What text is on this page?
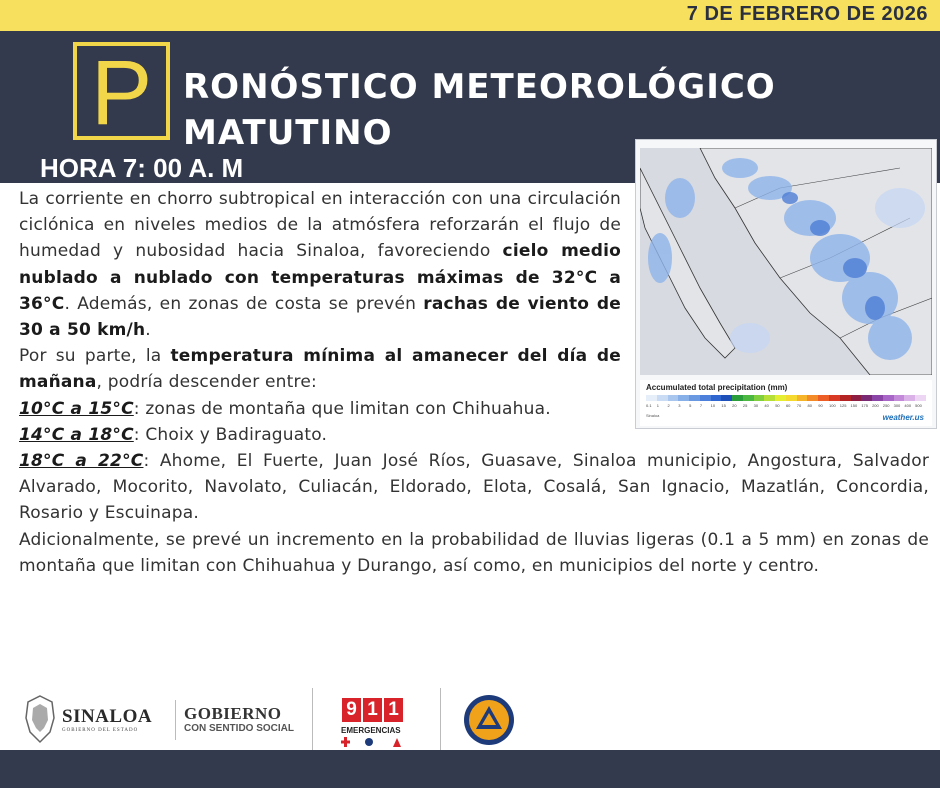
7 DE FEBRERO DE 2026
P RONÓSTICO METEOROLÓGICO
MATUTINO
HORA 7: 00 A. M
Accumulated total precipitation (mm)
0.1	1	2	3	5	7	10	15	20	25	30	40	50	60	70	80	90	100	125	150	175	200	250	300	400	500
Sinaloa	weather.us

La corriente en chorro subtropical en interacción con una circulación ciclónica en niveles medios de la atmósfera reforzarán el flujo de humedad y nubosidad hacia Sinaloa, favoreciendo cielo medio nublado a nublado con temperaturas máximas de 32°C a 36°C. Además, en zonas de costa se prevén rachas de viento de 30 a 50 km/h.

Por su parte, la temperatura mínima al amanecer del día de mañana, podría descender entre:

10°C a 15°C: zonas de montaña que limitan con Chihuahua.

14°C a 18°C: Choix y Badiraguato.

18°C a 22°C: Ahome, El Fuerte, Juan José Ríos, Guasave, Sinaloa municipio, Angostura, Salvador Alvarado, Mocorito, Navolato, Culiacán, Eldorado, Elota, Cosalá, San Ignacio, Mazatlán, Concordia, Rosario y Escuinapa.

Adicionalmente, se prevé un incremento en la probabilidad de lluvias ligeras (0.1 a 5 mm) en zonas de montaña que limitan con Chihuahua y Durango, así como, en municipios del norte y centro.

SINALOA
GOBIERNO DEL ESTADO
GOBIERNO
CON SENTIDO SOCIAL
9 1 1
EMERGENCIAS
